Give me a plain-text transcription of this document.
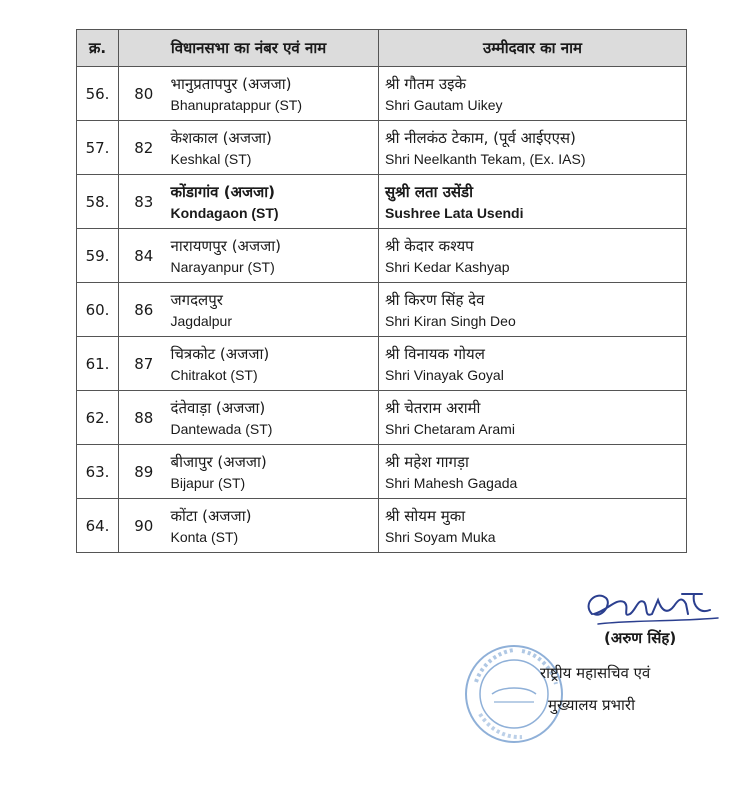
क्र.	विधानसभा का नंबर एवं नाम		उम्मीदवार का नाम
56.	80	भानुप्रतापपुर (अजजा)
Bhanupratappur (ST)	श्री गौतम उइके
Shri Gautam Uikey

57.	82	केशकाल (अजजा)
Keshkal (ST)	श्री नीलकंठ टेकाम, (पूर्व आईएएस)
Shri Neelkanth Tekam, (Ex. IAS)

58.	83	कोंडागांव (अजजा)
Kondagaon (ST)	सुश्री लता उसेंडी
Sushree Lata Usendi

59.	84	नारायणपुर (अजजा)
Narayanpur (ST)	श्री केदार कश्यप
Shri Kedar Kashyap

60.	86	जगदलपुर
Jagdalpur	श्री किरण सिंह देव
Shri Kiran Singh Deo

61.	87	चित्रकोट (अजजा)
Chitrakot (ST)	श्री विनायक गोयल
Shri Vinayak Goyal

62.	88	दंतेवाड़ा (अजजा)
Dantewada (ST)	श्री चेतराम अरामी
Shri Chetaram Arami

63.	89	बीजापुर (अजजा)
Bijapur (ST)	श्री महेश गागड़ा
Shri Mahesh Gagada

64.	90	कोंटा (अजजा)
Konta (ST)	श्री सोयम मुका
Shri Soyam Muka
(अरुण सिंह)
राष्ट्रीय महासचिव एवं
मुख्यालय प्रभारी
